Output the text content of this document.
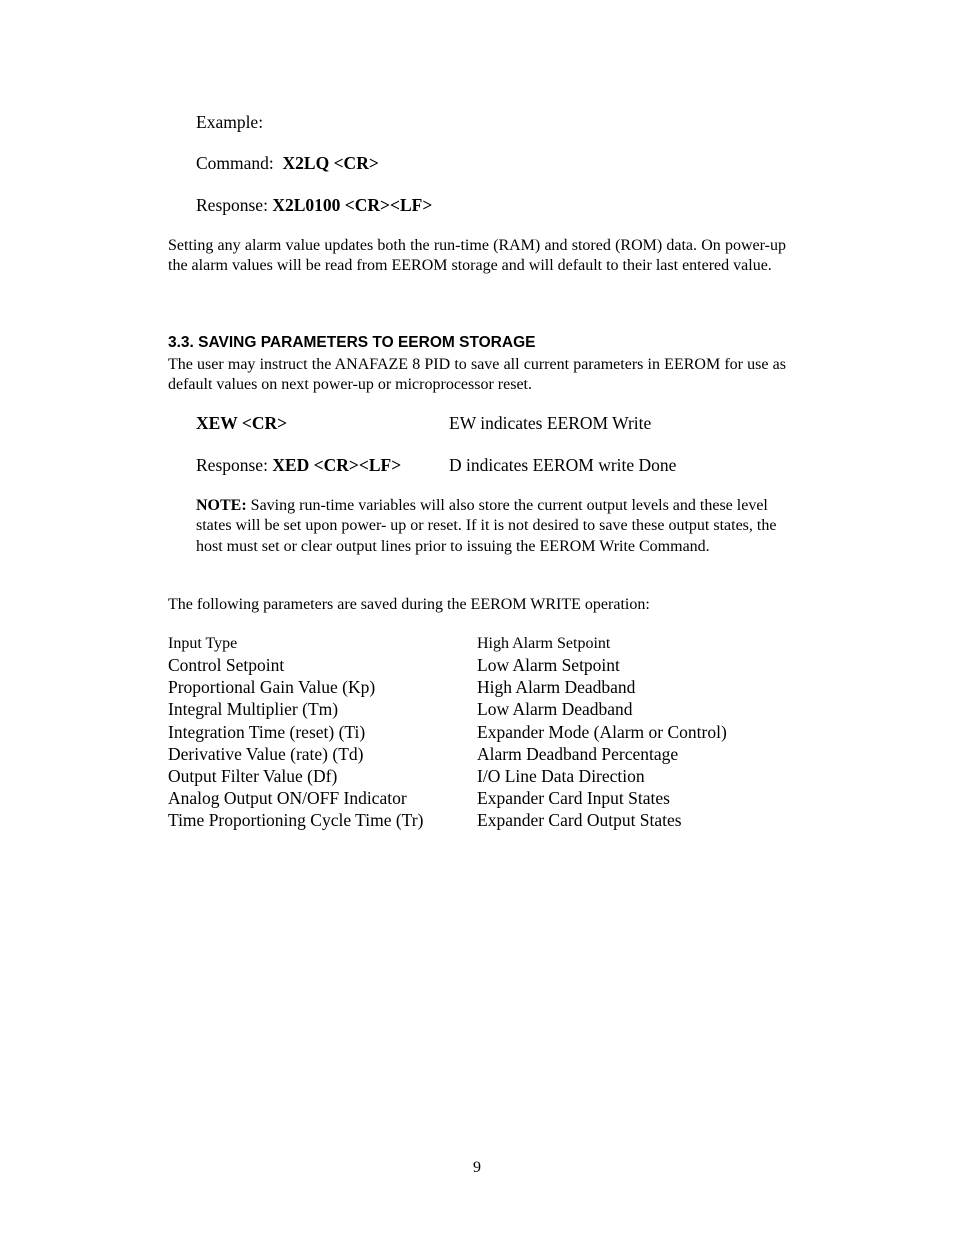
Example:
Command: X2LQ <CR>
Response: X2L0100 <CR><LF>
Setting any alarm value updates both the run-time (RAM) and stored (ROM) data. On power-up the alarm values will be read from EEROM storage and will default to their last entered value.
3.3. SAVING PARAMETERS TO EEROM STORAGE
The user may instruct the ANAFAZE 8 PID to save all current parameters in EEROM for use as default values on next power-up or microprocessor reset.
XEW <CR>	EW indicates EEROM Write
Response: XED <CR><LF>	D indicates EEROM write Done
NOTE: Saving run-time variables will also store the current output levels and these level states will be set upon power- up or reset. If it is not desired to save these output states, the host must set or clear output lines prior to issuing the EEROM Write Command.
The following parameters are saved during the EEROM WRITE operation:
Input Type
Control Setpoint
Proportional Gain Value (Kp)
Integral Multiplier (Tm)
Integration Time (reset) (Ti)
Derivative Value (rate) (Td)
Output Filter Value (Df)
Analog Output ON/OFF Indicator
Time Proportioning Cycle Time (Tr)
High Alarm Setpoint
Low Alarm Setpoint
High Alarm Deadband
Low Alarm Deadband
Expander Mode (Alarm or Control)
Alarm Deadband Percentage
I/O Line Data Direction
Expander Card Input States
Expander Card Output States
9
